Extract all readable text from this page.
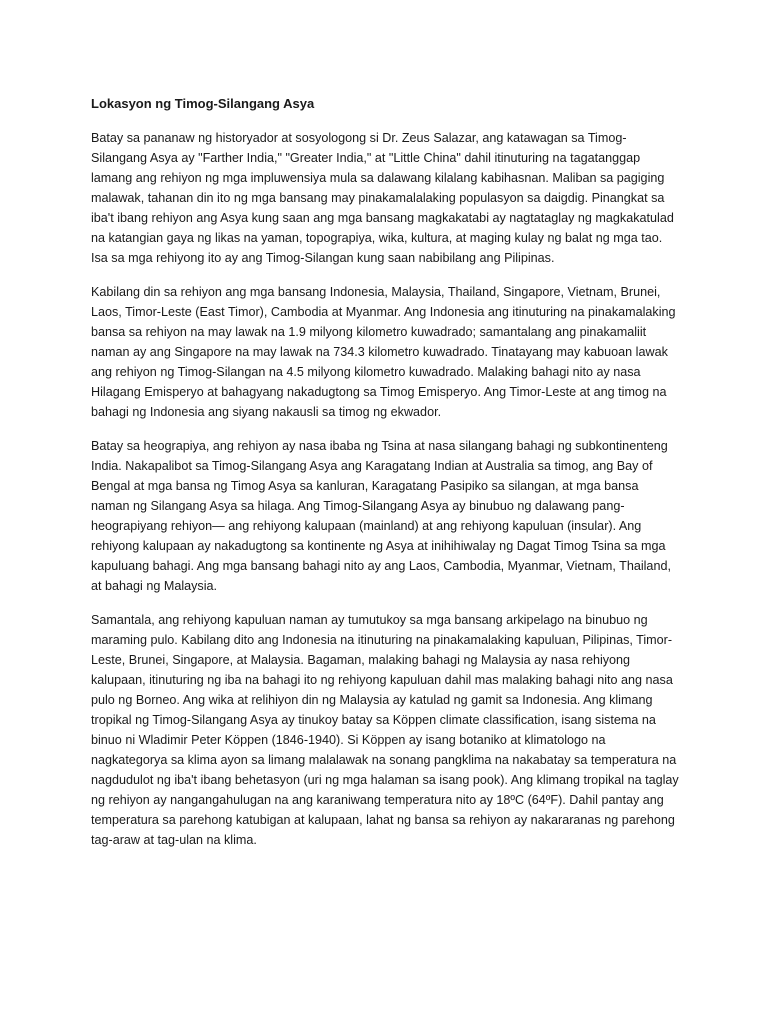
Lokasyon ng Timog-Silangang Asya

Batay sa pananaw ng historyador at sosyologong si Dr. Zeus Salazar, ang katawagan sa Timog-Silangang Asya ay "Farther India," "Greater India," at "Little China" dahil itinuturing na tagatanggap lamang ang rehiyon ng mga impluwensiya mula sa dalawang kilalang kabihasnan. Maliban sa pagiging malawak, tahanan din ito ng mga bansang may pinakamalalaking populasyon sa daigdig. Pinangkat sa iba't ibang rehiyon ang Asya kung saan ang mga bansang magkakatabi ay nagtataglay ng magkakatulad na katangian gaya ng likas na yaman, topograpiya, wika, kultura, at maging kulay ng balat ng mga tao. Isa sa mga rehiyong ito ay ang Timog-Silangan kung saan nabibilang ang Pilipinas.

Kabilang din sa rehiyon ang mga bansang Indonesia, Malaysia, Thailand, Singapore, Vietnam, Brunei, Laos, Timor-Leste (East Timor), Cambodia at Myanmar. Ang Indonesia ang itinuturing na pinakamalaking bansa sa rehiyon na may lawak na 1.9 milyong kilometro kuwadrado; samantalang ang pinakamaliit naman ay ang Singapore na may lawak na 734.3 kilometro kuwadrado. Tinatayang may kabuoan lawak ang rehiyon ng Timog-Silangan na 4.5 milyong kilometro kuwadrado. Malaking bahagi nito ay nasa Hilagang Emisperyo at bahagyang nakadugtong sa Timog Emisperyo. Ang Timor-Leste at ang timog na bahagi ng Indonesia ang siyang nakausli sa timog ng ekwador.

Batay sa heograpiya, ang rehiyon ay nasa ibaba ng Tsina at nasa silangang bahagi ng subkontinenteng India. Nakapalibot sa Timog-Silangang Asya ang Karagatang Indian at Australia sa timog, ang Bay of Bengal at mga bansa ng Timog Asya sa kanluran, Karagatang Pasipiko sa silangan, at mga bansa naman ng Silangang Asya sa hilaga. Ang Timog-Silangang Asya ay binubuo ng dalawang pang-heograpiyang rehiyon— ang rehiyong kalupaan (mainland) at ang rehiyong kapuluan (insular). Ang rehiyong kalupaan ay nakadugtong sa kontinente ng Asya at inihihiwalay ng Dagat Timog Tsina sa mga kapuluang bahagi. Ang mga bansang bahagi nito ay ang Laos, Cambodia, Myanmar, Vietnam, Thailand, at bahagi ng Malaysia.

Samantala, ang rehiyong kapuluan naman ay tumutukoy sa mga bansang arkipelago na binubuo ng maraming pulo. Kabilang dito ang Indonesia na itinuturing na pinakamalaking kapuluan, Pilipinas, Timor-Leste, Brunei, Singapore, at Malaysia. Bagaman, malaking bahagi ng Malaysia ay nasa rehiyong kalupaan, itinuturing ng iba na bahagi ito ng rehiyong kapuluan dahil mas malaking bahagi nito ang nasa pulo ng Borneo. Ang wika at relihiyon din ng Malaysia ay katulad ng gamit sa Indonesia. Ang klimang tropikal ng Timog-Silangang Asya ay tinukoy batay sa Köppen climate classification, isang sistema na binuo ni Wladimir Peter Köppen (1846-1940). Si Köppen ay isang botaniko at klimatologo na nagkategorya sa klima ayon sa limang malalawak na sonang pangklima na nakabatay sa temperatura na nagdudulot ng iba't ibang behetasyon (uri ng mga halaman sa isang pook). Ang klimang tropikal na taglay ng rehiyon ay nangangahulugan na ang karaniwang temperatura nito ay 18ºC (64ºF). Dahil pantay ang temperatura sa parehong katubigan at kalupaan, lahat ng bansa sa rehiyon ay nakararanas ng parehong tag-araw at tag-ulan na klima.
